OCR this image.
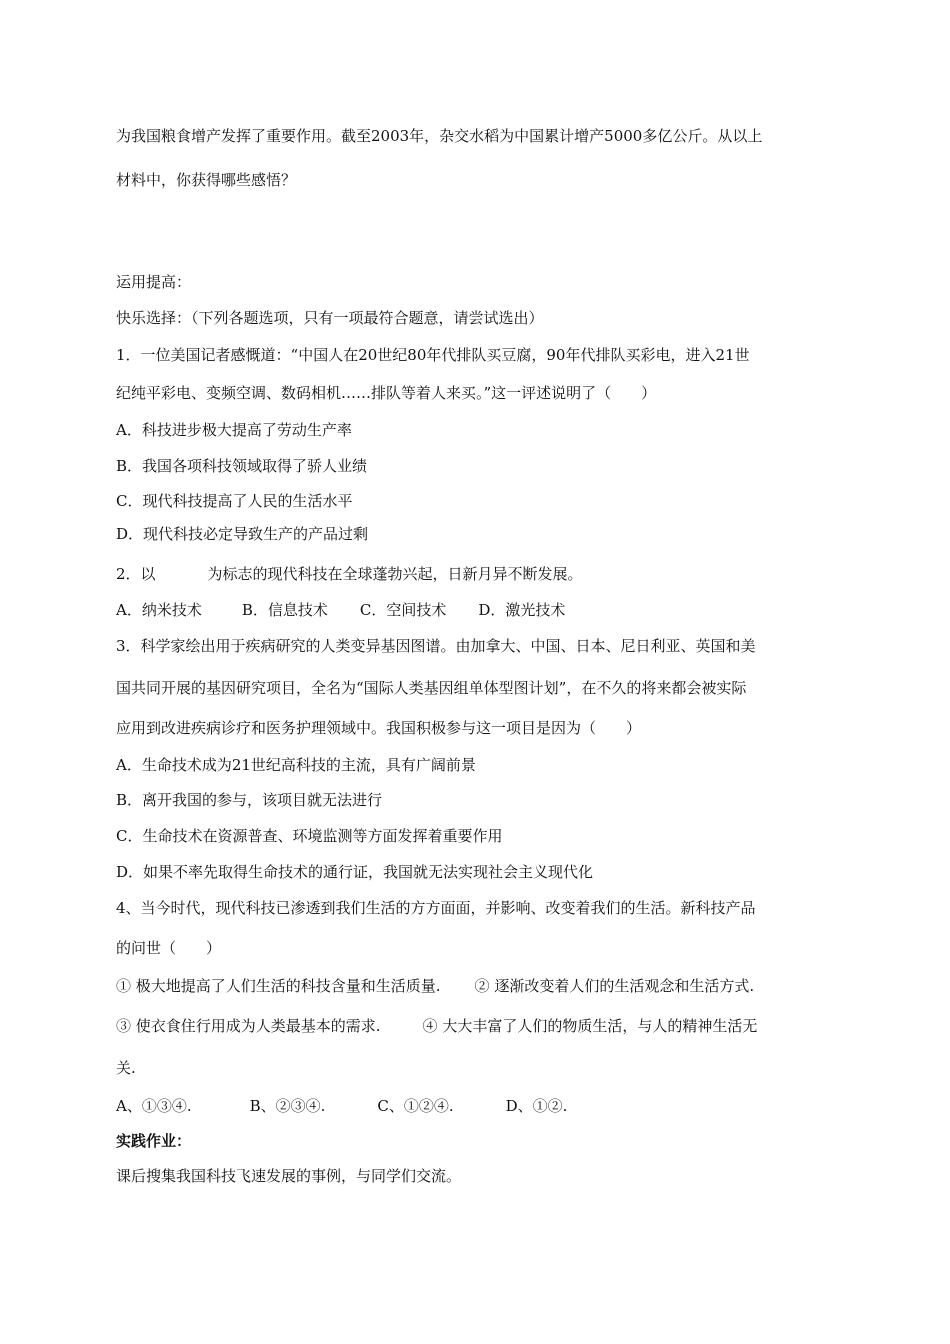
为我国粮食增产发挥了重要作用。截至2003年，杂交水稻为中国累计增产5000多亿公斤。从以上
材料中，你获得哪些感悟？
运用提高：
快乐选择：（下列各题选项，只有一项最符合题意，请尝试选出）
1．一位美国记者感慨道：“中国人在20世纪80年代排队买豆腐，90年代排队买彩电，进入21世
纪纯平彩电、变频空调、数码相机……排队等着人来买。”这一评述说明了（　　）
A．科技进步极大提高了劳动生产率
B．我国各项科技领域取得了骄人业绩
C．现代科技提高了人民的生活水平
D．现代科技必定导致生产的产品过剩
2．以	为标志的现代科技在全球蓬勃兴起，日新月异不断发展。
A．纳米技术	B．信息技术 C．空间技术 D．激光技术
3．科学家绘出用于疾病研究的人类变异基因图谱。由加拿大、中国、日本、尼日利亚、英国和美
国共同开展的基因研究项目，全名为“国际人类基因组单体型图计划”，在不久的将来都会被实际
应用到改进疾病诊疗和医务护理领域中。我国积极参与这一项目是因为（　　）
A．生命技术成为21世纪高科技的主流，具有广阔前景
B．离开我国的参与，该项目就无法进行
C．生命技术在资源普查、环境监测等方面发挥着重要作用
D．如果不率先取得生命技术的通行证，我国就无法实现社会主义现代化
4、当今时代，现代科技已渗透到我们生活的方方面面，并影响、改变着我们的生活。新科技产品
的问世（　　）
① 极大地提高了人们生活的科技含量和生活质量. ② 逐渐改变着人们的生活观念和生活方式.
③ 使衣食住行用成为人类最基本的需求.	④ 大大丰富了人们的物质生活，与人的精神生活无
关.
A、①③④.	B、②③④.	C、①②④.	D、①②.
实践作业：
课后搜集我国科技飞速发展的事例，与同学们交流。
